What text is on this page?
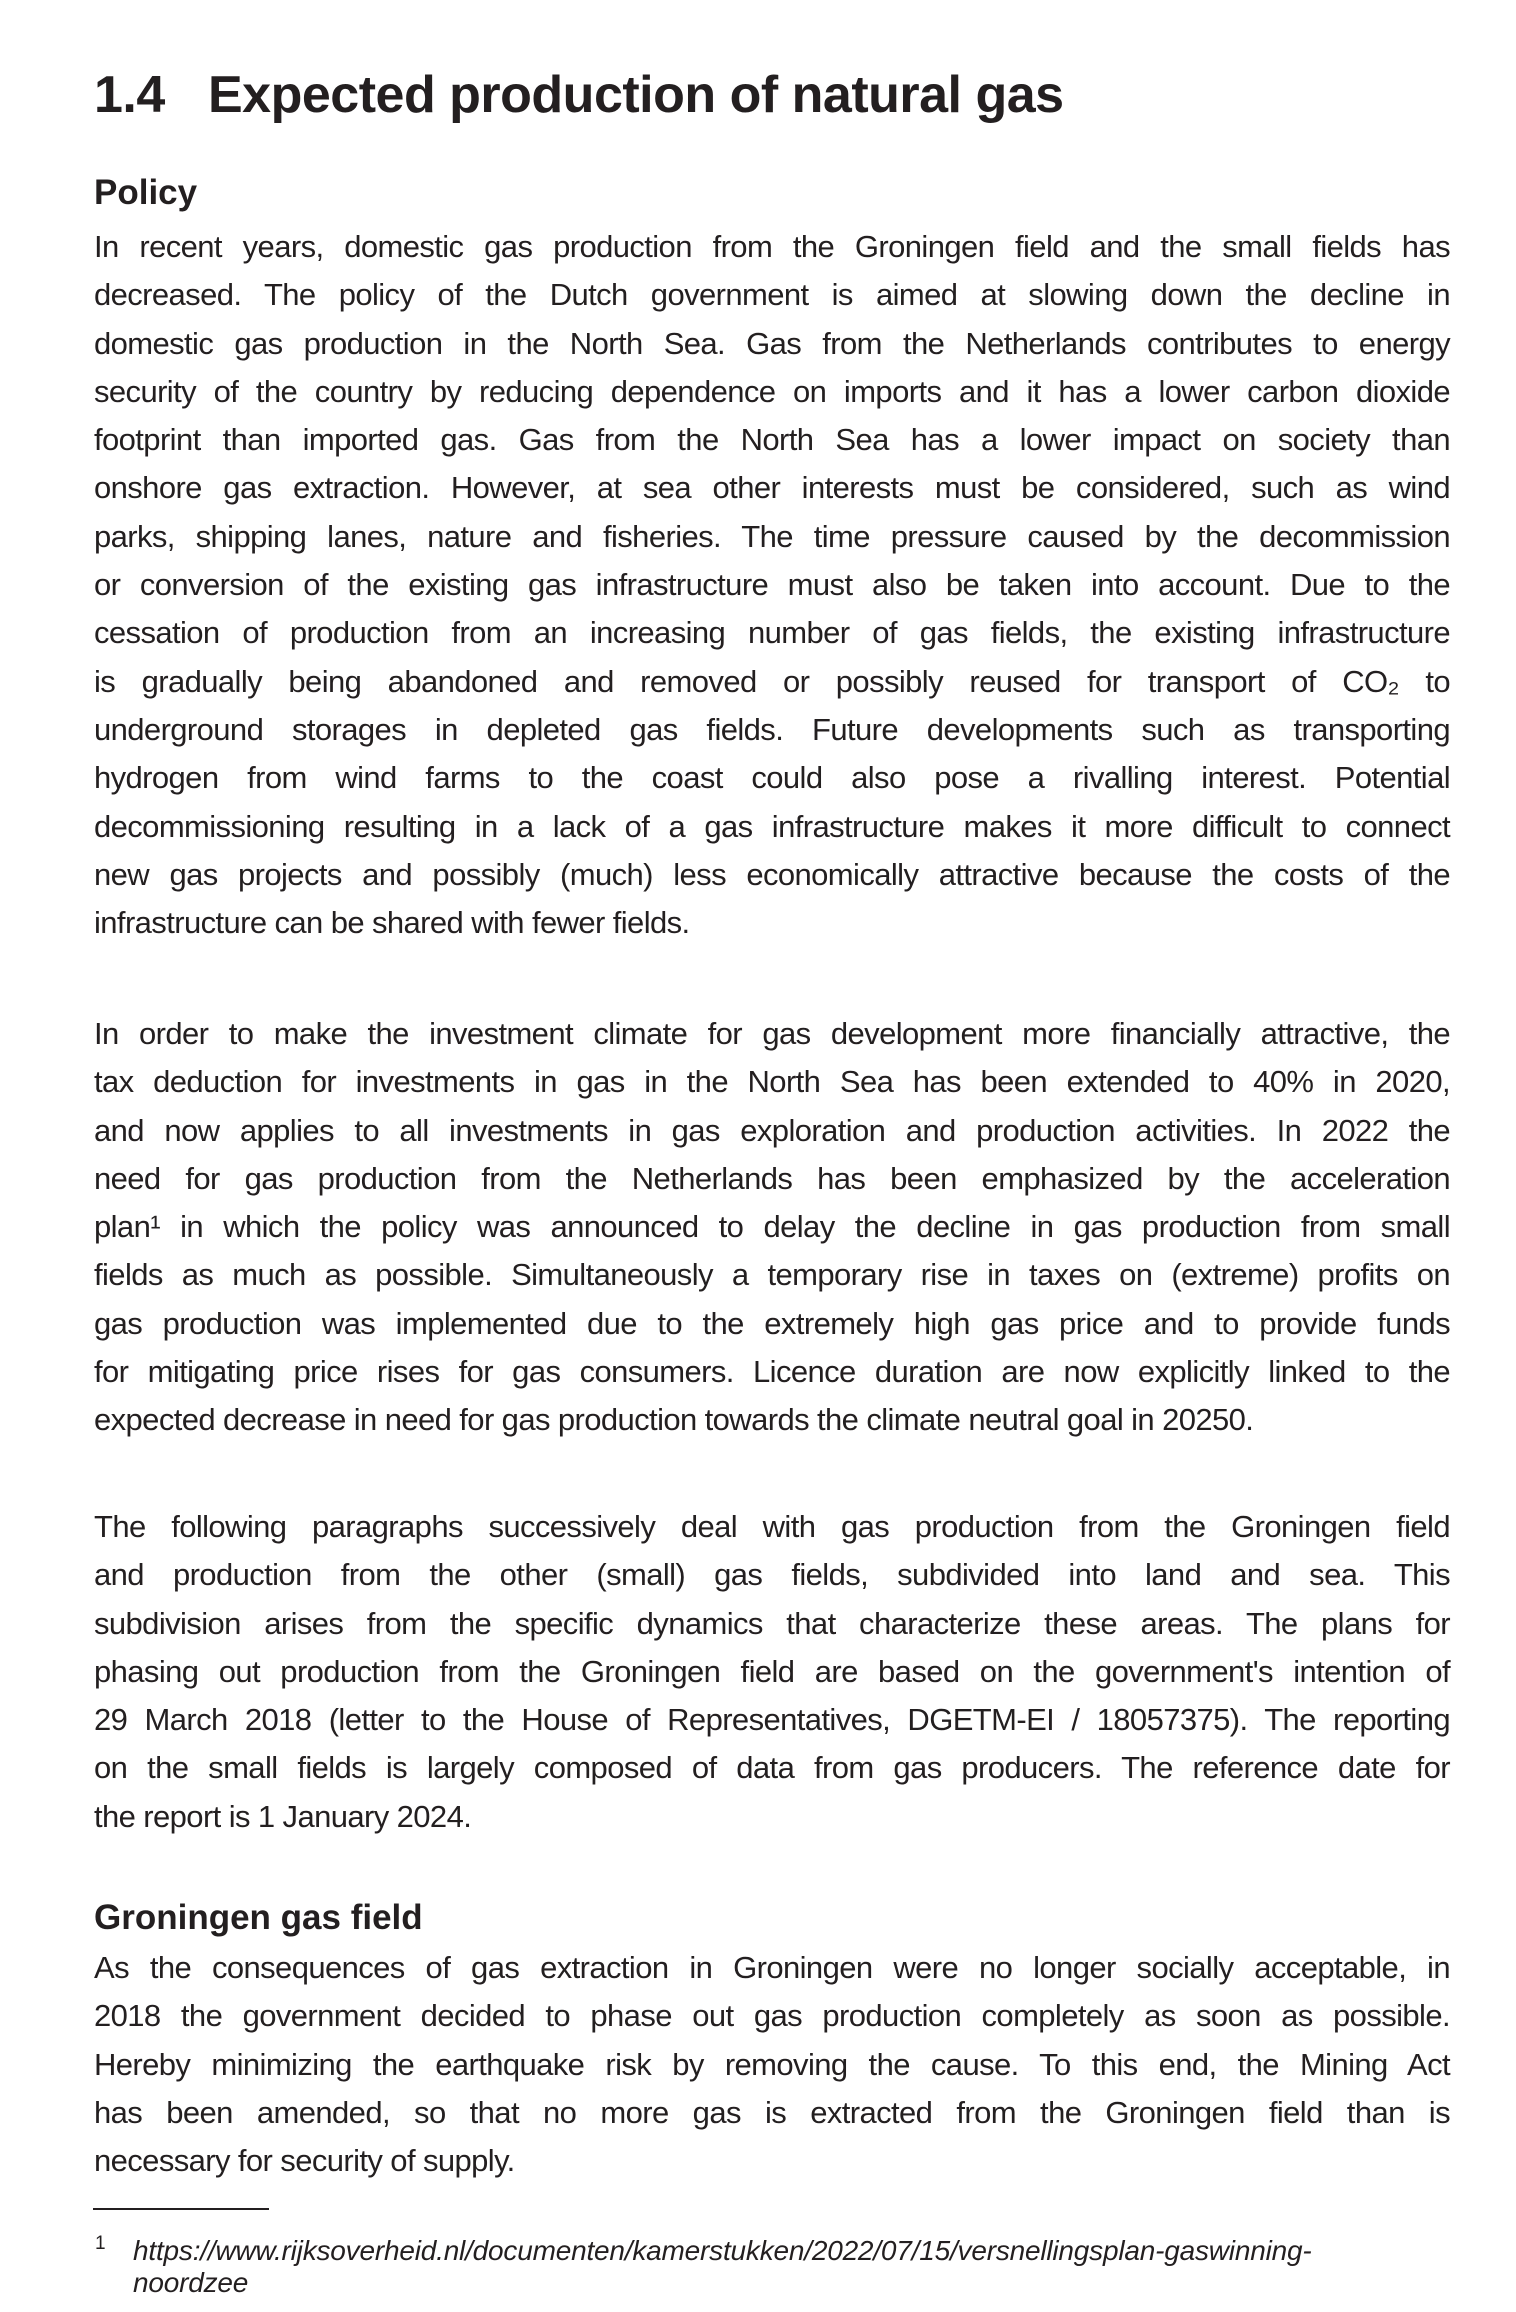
1.4 Expected production of natural gas
Policy
In recent years, domestic gas production from the Groningen field and the small fields has
decreased. The policy of the Dutch government is aimed at slowing down the decline in
domestic gas production in the North Sea. Gas from the Netherlands contributes to energy
security of the country by reducing dependence on imports and it has a lower carbon dioxide
footprint than imported gas. Gas from the North Sea has a lower impact on society than
onshore gas extraction. However, at sea other interests must be considered, such as wind
parks, shipping lanes, nature and fisheries. The time pressure caused by the decommission
or conversion of the existing gas infrastructure must also be taken into account. Due to the
cessation of production from an increasing number of gas fields, the existing infrastructure
is gradually being abandoned and removed or possibly reused for transport of CO₂ to
underground storages in depleted gas fields. Future developments such as transporting
hydrogen from wind farms to the coast could also pose a rivalling interest. Potential
decommissioning resulting in a lack of a gas infrastructure makes it more difficult to connect
new gas projects and possibly (much) less economically attractive because the costs of the
infrastructure can be shared with fewer fields.
In order to make the investment climate for gas development more financially attractive, the
tax deduction for investments in gas in the North Sea has been extended to 40% in 2020,
and now applies to all investments in gas exploration and production activities. In 2022 the
need for gas production from the Netherlands has been emphasized by the acceleration
plan¹ in which the policy was announced to delay the decline in gas production from small
fields as much as possible. Simultaneously a temporary rise in taxes on (extreme) profits on
gas production was implemented due to the extremely high gas price and to provide funds
for mitigating price rises for gas consumers. Licence duration are now explicitly linked to the
expected decrease in need for gas production towards the climate neutral goal in 20250.
The following paragraphs successively deal with gas production from the Groningen field
and production from the other (small) gas fields, subdivided into land and sea. This
subdivision arises from the specific dynamics that characterize these areas. The plans for
phasing out production from the Groningen field are based on the government's intention of
29 March 2018 (letter to the House of Representatives, DGETM-EI / 18057375). The reporting
on the small fields is largely composed of data from gas producers. The reference date for
the report is 1 January 2024.
Groningen gas field
As the consequences of gas extraction in Groningen were no longer socially acceptable, in
2018 the government decided to phase out gas production completely as soon as possible.
Hereby minimizing the earthquake risk by removing the cause. To this end, the Mining Act
has been amended, so that no more gas is extracted from the Groningen field than is
necessary for security of supply.
1 https://www.rijksoverheid.nl/documenten/kamerstukken/2022/07/15/versnellingsplan-gaswinning-
noordzee
